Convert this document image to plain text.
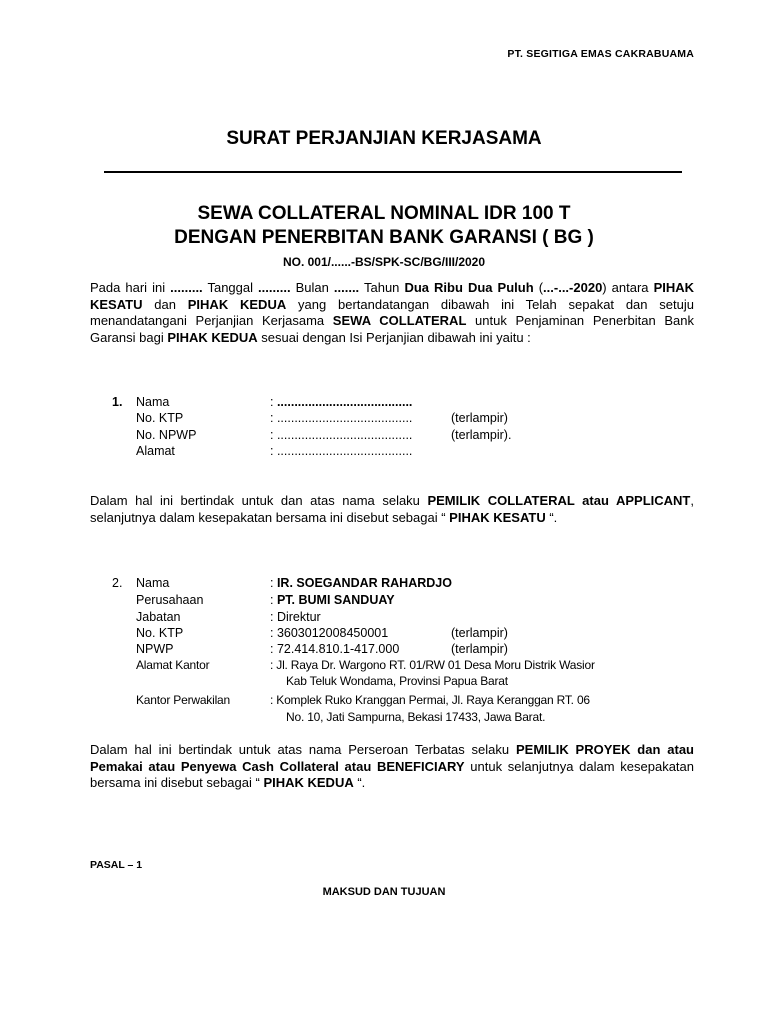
PT. SEGITIGA EMAS CAKRABUAMA
SURAT PERJANJIAN KERJASAMA
SEWA COLLATERAL NOMINAL IDR 100 T
DENGAN PENERBITAN BANK GARANSI ( BG )
NO. 001/......-BS/SPK-SC/BG/III/2020
Pada hari ini ......... Tanggal ......... Bulan ....... Tahun Dua Ribu Dua Puluh (...-...-2020) antara PIHAK KESATU dan PIHAK KEDUA yang bertandatangan dibawah ini Telah sepakat dan setuju menandatangani Perjanjian Kerjasama SEWA COLLATERAL untuk Penjaminan Penerbitan Bank Garansi bagi PIHAK KEDUA sesuai dengan Isi Perjanjian dibawah ini yaitu :
1. Nama	: .......................................
No. KTP	: .......................................	(terlampir)
No. NPWP	: .......................................	(terlampir).
Alamat	: .......................................
Dalam hal ini bertindak untuk dan atas nama selaku PEMILIK COLLATERAL atau APPLICANT, selanjutnya dalam kesepakatan bersama ini disebut sebagai “ PIHAK KESATU “.
2. Nama	: IR. SOEGANDAR RAHARDJO
Perusahaan	: PT. BUMI SANDUAY
Jabatan	: Direktur
No. KTP	: 3603012008450001	(terlampir)
NPWP	: 72.414.810.1-417.000	(terlampir)
Alamat Kantor	: Jl. Raya Dr. Wargono RT. 01/RW 01 Desa Moru Distrik Wasior
Kab Teluk Wondama, Provinsi Papua Barat
Kantor Perwakilan	: Komplek Ruko Kranggan Permai, Jl. Raya Keranggan RT. 06
No. 10, Jati Sampurna, Bekasi 17433, Jawa Barat.
Dalam hal ini bertindak untuk atas nama Perseroan Terbatas selaku PEMILIK PROYEK dan atau Pemakai atau Penyewa Cash Collateral atau BENEFICIARY untuk selanjutnya dalam kesepakatan bersama ini disebut sebagai “ PIHAK KEDUA “.
PASAL – 1
MAKSUD DAN TUJUAN
